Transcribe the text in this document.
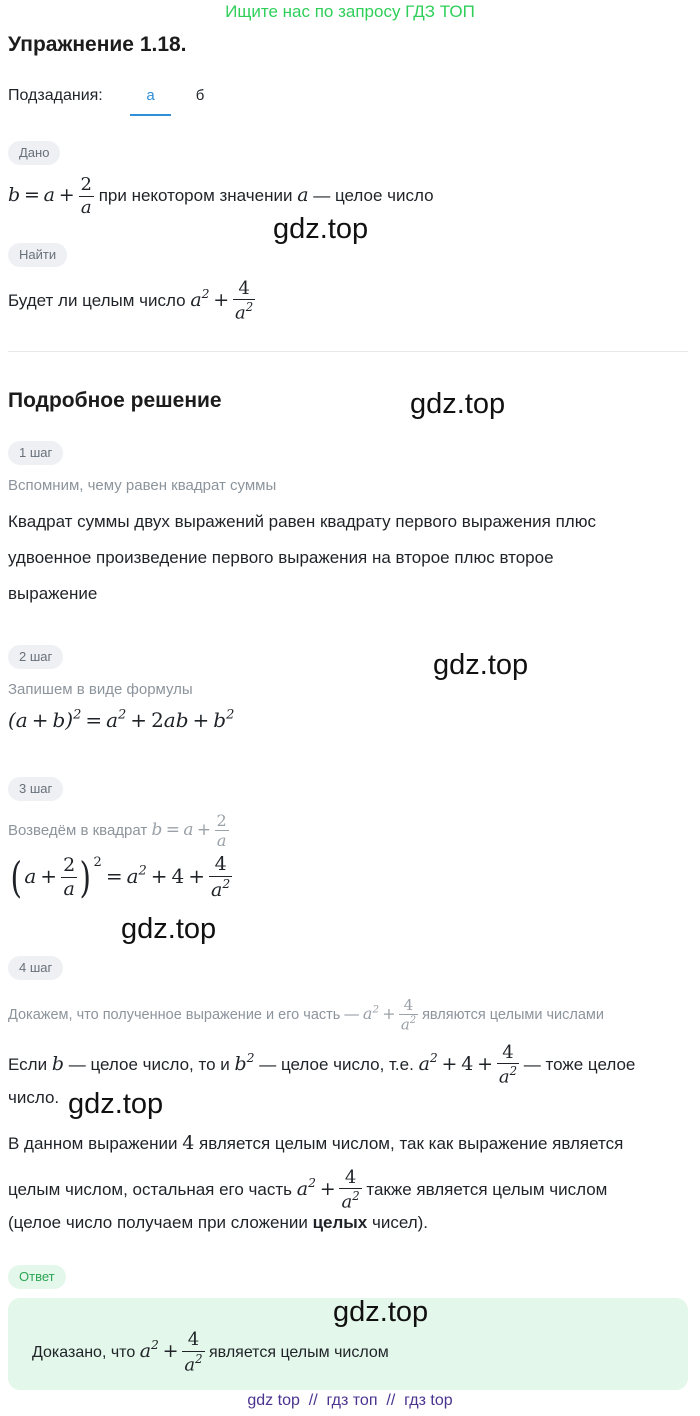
Ищите нас по запросу ГДЗ ТОП
Упражнение 1.18.
Подзадания:	а	б
Дано
$b = a + \frac{2}{a}$ при некотором значении a — целое число
gdz.top
Найти
Будет ли целым число $a^2 + \frac{4}{a^2}$
Подробное решение	gdz.top
1 шаг
Вспомним, чему равен квадрат суммы
Квадрат суммы двух выражений равен квадрату первого выражения плюс
удвоенное произведение первого выражения на второе плюс второе
выражение
2 шаг	gdz.top
Запишем в виде формулы
$(a + b)^2 = a^2 + 2ab + b^2$
3 шаг
Возведём в квадрат $b = a + \frac{2}{a}$
( $a + \frac{2}{a}$ ) $^2 = a^2 + 4 + \frac{4}{a^2}$
gdz.top
4 шаг
Докажем, что полученное выражение и его часть — $a^2 + \frac{4}{a^2}$ являются целыми числами
Если b — целое число, то и $b^2$ — целое число, т.е. $a^2 + 4 + \frac{4}{a^2}$ — тоже целое
число. gdz.top
В данном выражении 4 является целым числом, так как выражение является
целым числом, остальная его часть $a^2 + \frac{4}{a^2}$ также является целым числом
(целое число получаем при сложении целых чисел).
Ответ
gdz.top
Доказано, что $a^2 + \frac{4}{a^2}$ является целым числом
gdz top  //  гдз топ  //  гдз top
